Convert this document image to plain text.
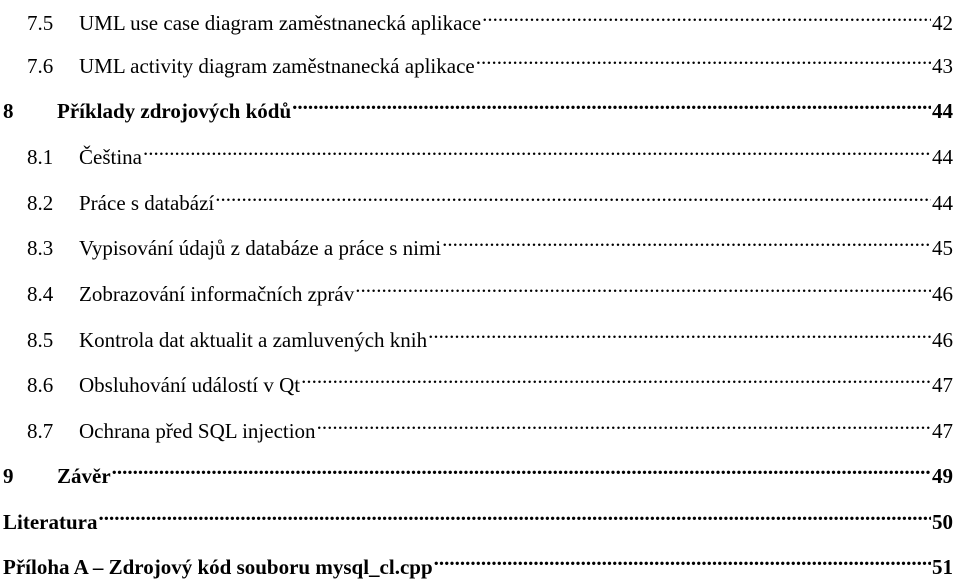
7.5	UML use case diagram zaměstnanecká aplikace .....	42
7.6	UML activity diagram zaměstnanecká aplikace .....	43
8	Příklady zdrojových kódů .....	44
8.1	Čeština .....	44
8.2	Práce s databází .....	44
8.3	Vypisování údajů z databáze a práce s nimi .....	45
8.4	Zobrazování informačních zpráv .....	46
8.5	Kontrola dat aktualit a zamluvených knih .....	46
8.6	Obsluhování událostí v Qt .....	47
8.7	Ochrana před SQL injection .....	47
9	Závěr .....	49
Literatura .....	50
Příloha A – Zdrojový kód souboru mysql_cl.cpp .....	51
